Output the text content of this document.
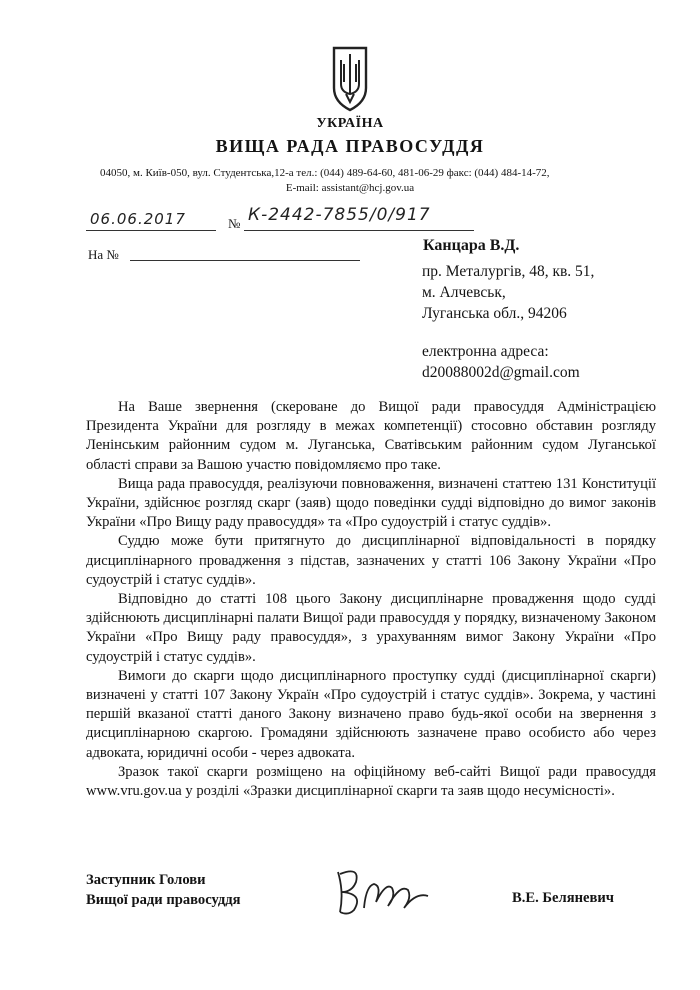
УКРАЇНА
ВИЩА РАДА ПРАВОСУДДЯ
04050, м. Київ-050, вул. Студентська,12-а тел.: (044) 489-64-60, 481-06-29 факс: (044) 484-14-72,
E-mail: assistant@hcj.gov.ua
06.06.2017	№ К-2442-7855/0/917
На №
Канцара В.Д.
пр. Металургів, 48, кв. 51,
м. Алчевськ,
Луганська обл., 94206
електронна адреса:
d20088002d@gmail.com

На Ваше звернення (скероване до Вищої ради правосуддя Адміністрацією Президента України для розгляду в межах компетенції) стосовно обставин розгляду Ленінським районним судом м. Луганська, Сватівським районним судом Луганської області справи за Вашою участю повідомляємо про таке.

Вища рада правосуддя, реалізуючи повноваження, визначені статтею 131 Конституції України, здійснює розгляд скарг (заяв) щодо поведінки судді відповідно до вимог законів України «Про Вищу раду правосуддя» та «Про судоустрій і статус суддів».

Суддю може бути притягнуто до дисциплінарної відповідальності в порядку дисциплінарного провадження з підстав, зазначених у статті 106 Закону України «Про судоустрій і статус суддів».

Відповідно до статті 108 цього Закону дисциплінарне провадження щодо судді здійснюють дисциплінарні палати Вищої ради правосуддя у порядку, визначеному Законом України «Про Вищу раду правосуддя», з урахуванням вимог Закону України «Про судоустрій і статус суддів».

Вимоги до скарги щодо дисциплінарного проступку судді (дисциплінарної скарги) визначені у статті 107 Закону Україн «Про судоустрій і статус суддів». Зокрема, у частині першій вказаної статті даного Закону визначено право будь-якої особи на звернення з дисциплінарною скаргою. Громадяни здійснюють зазначене право особисто або через адвоката, юридичні особи - через адвоката.

Зразок такої скарги розміщено на офіційному веб-сайті Вищої ради правосуддя www.vru.gov.ua у розділі «Зразки дисциплінарної скарги та заяв щодо несумісності».

Заступник Голови
Вищої ради правосуддя	В.Е. Беляневич
